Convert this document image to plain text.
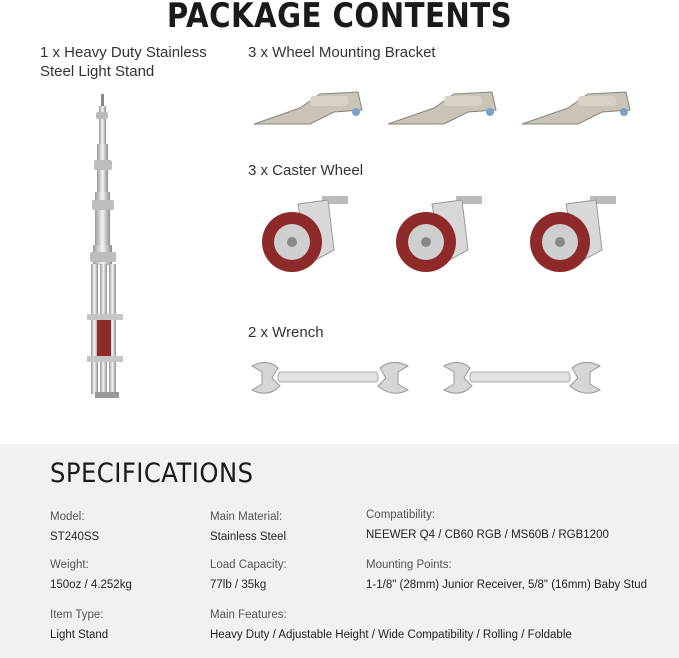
PACKAGE CONTENTS
1 x Heavy Duty Stainless Steel Light Stand
3 x Wheel Mounting Bracket
3 x Caster Wheel
2 x Wrench
SPECIFICATIONS
Model:
ST240SS
Main Material:
Stainless Steel
Compatibility:
NEEWER Q4 / CB60 RGB / MS60B / RGB1200
Weight:
150oz / 4.252kg
Load Capacity:
77lb / 35kg
Mounting Points:
1-1/8" (28mm) Junior Receiver, 5/8" (16mm) Baby Stud
Item Type:
Light Stand
Main Features:
Heavy Duty / Adjustable Height / Wide Compatibility / Rolling / Foldable
